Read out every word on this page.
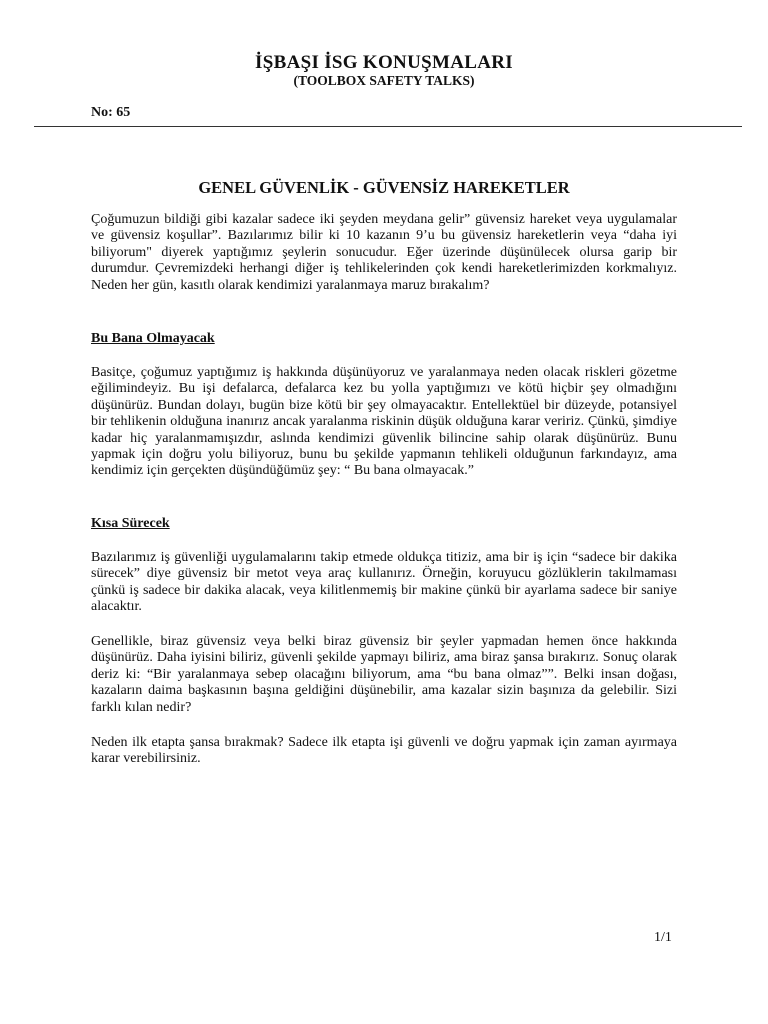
İŞBAŞI İSG KONUŞMALARI
(TOOLBOX SAFETY TALKS)
No: 65
GENEL GÜVENLİK - GÜVENSİZ HAREKETLER

Çoğumuzun bildiği gibi kazalar sadece iki şeyden meydana gelir” güvensiz hareket veya uygulamalar ve güvensiz koşullar”. Bazılarımız bilir ki 10 kazanın 9’u bu güvensiz hareketlerin veya “daha iyi biliyorum" diyerek yaptığımız şeylerin sonucudur. Eğer üzerinde düşünülecek olursa garip bir durumdur. Çevremizdeki herhangi diğer iş tehlikelerinden çok kendi hareketlerimizden korkmalıyız. Neden her gün, kasıtlı olarak kendimizi yaralanmaya maruz bırakalım?

Bu Bana Olmayacak

Basitçe, çoğumuz yaptığımız iş hakkında düşünüyoruz ve yaralanmaya neden olacak riskleri gözetme eğilimindeyiz. Bu işi defalarca, defalarca kez bu yolla yaptığımızı ve kötü hiçbir şey olmadığını düşünürüz. Bundan dolayı, bugün bize kötü bir şey olmayacaktır. Entellektüel bir düzeyde, potansiyel bir tehlikenin olduğuna inanırız ancak yaralanma riskinin düşük olduğuna karar veririz. Çünkü, şimdiye kadar hiç yaralanmamışızdır, aslında kendimizi güvenlik bilincine sahip olarak düşünürüz. Bunu yapmak için doğru yolu biliyoruz, bunu bu şekilde yapmanın tehlikeli olduğunun farkındayız, ama kendimiz için gerçekten düşündüğümüz şey: “ Bu bana olmayacak.”

Kısa Sürecek

Bazılarımız iş güvenliği uygulamalarını takip etmede oldukça titiziz, ama bir iş için “sadece bir dakika sürecek” diye güvensiz bir metot veya araç kullanırız. Örneğin, koruyucu gözlüklerin takılmaması çünkü iş sadece bir dakika alacak, veya kilitlenmemiş bir makine çünkü bir ayarlama sadece bir saniye alacaktır.

Genellikle, biraz güvensiz veya belki biraz güvensiz bir şeyler yapmadan hemen önce hakkında düşünürüz. Daha iyisini biliriz, güvenli şekilde yapmayı biliriz, ama biraz şansa bırakırız. Sonuç olarak deriz ki: “Bir yaralanmaya sebep olacağını biliyorum, ama “bu bana olmaz””. Belki insan doğası, kazaların daima başkasının başına geldiğini düşünebilir, ama kazalar sizin başınıza da gelebilir. Sizi farklı kılan nedir?

Neden ilk etapta şansa bırakmak? Sadece ilk etapta işi güvenli ve doğru yapmak için zaman ayırmaya karar verebilirsiniz.

1/1
